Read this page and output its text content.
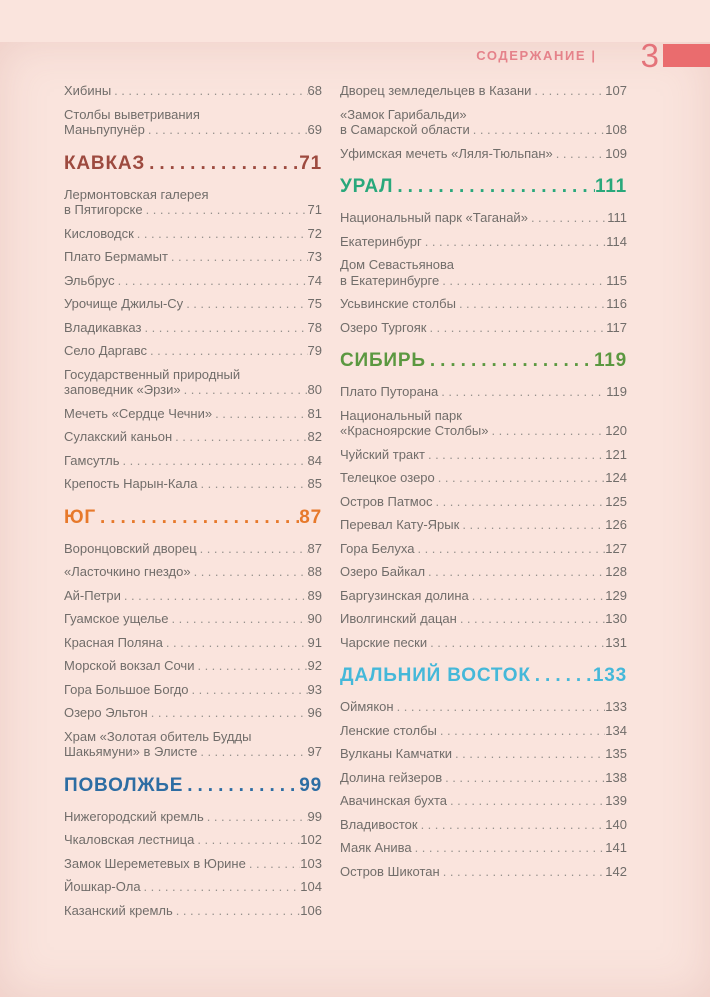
СОДЕРЖАНИЕ | 3
Хибины .....	68
Столбы выветривания
Маньпупунёр .....	69
КАВКАЗ .....	71
Лермонтовская галерея
в Пятигорске .....	71
Кисловодск .....	72
Плато Бермамыт .....	73
Эльбрус .....	74
Урочище Джилы-Су .....	75
Владикавказ .....	78
Село Даргавс .....	79
Государственный природный
заповедник «Эрзи» .....	80
Мечеть «Сердце Чечни» .....	81
Сулакский каньон .....	82
Гамсутль .....	84
Крепость Нарын-Кала .....	85
ЮГ .....	87
Воронцовский дворец .....	87
«Ласточкино гнездо» .....	88
Ай-Петри .....	89
Гуамское ущелье .....	90
Красная Поляна .....	91
Морской вокзал Сочи .....	92
Гора Большое Богдо .....	93
Озеро Эльтон .....	96
Храм «Золотая обитель Будды
Шакьямуни» в Элисте .....	97
ПОВОЛЖЬЕ .....	99
Нижегородский кремль .....	99
Чкаловская лестница .....	102
Замок Шереметевых в Юрине .....	103
Йошкар-Ола .....	104
Казанский кремль .....	106
Дворец земледельцев в Казани .....	107
«Замок Гарибальди»
в Самарской области .....	108
Уфимская мечеть «Ляля-Тюльпан» .....	109
УРАЛ .....	111
Национальный парк «Таганай» .....	111
Екатеринбург .....	114
Дом Севастьянова
в Екатеринбурге .....	115
Усьвинские столбы .....	116
Озеро Тургояк .....	117
СИБИРЬ .....	119
Плато Путорана .....	119
Национальный парк
«Красноярские Столбы» .....	120
Чуйский тракт .....	121
Телецкое озеро .....	124
Остров Патмос .....	125
Перевал Кату-Ярык .....	126
Гора Белуха .....	127
Озеро Байкал .....	128
Баргузинская долина .....	129
Иволгинский дацан .....	130
Чарские пески .....	131
ДАЛЬНИЙ ВОСТОК .....	133
Оймякон .....	133
Ленские столбы .....	134
Вулканы Камчатки .....	135
Долина гейзеров .....	138
Авачинская бухта .....	139
Владивосток .....	140
Маяк Анива .....	141
Остров Шикотан .....	142
